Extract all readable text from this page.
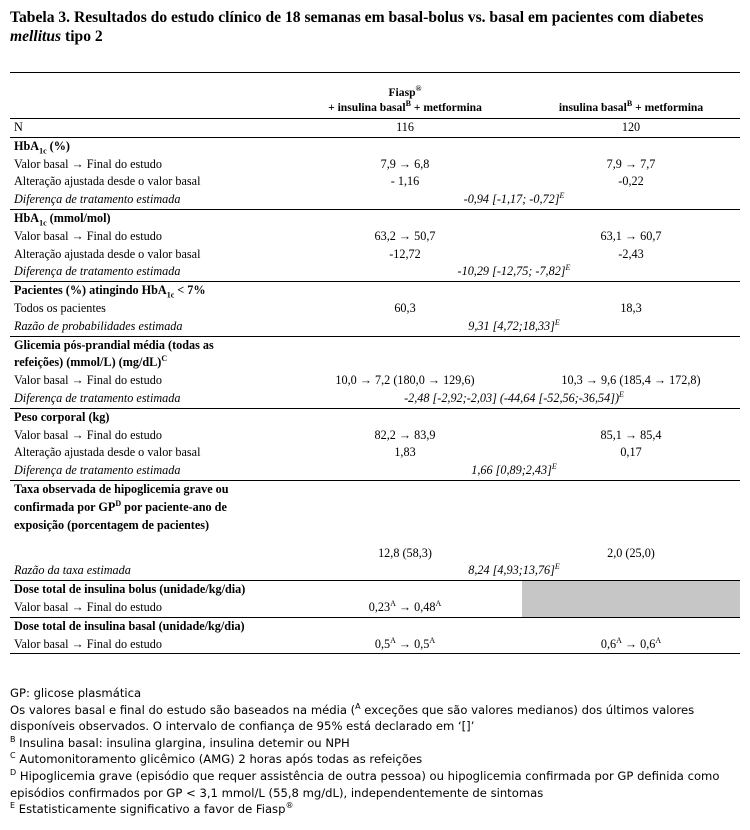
Tabela 3. Resultados do estudo clínico de 18 semanas em basal-bolus vs. basal em pacientes com diabetes mellitus tipo 2
	Fiasp®
+ insulina basal$^B$ + metformina	insulina basal$^B$ + metformina
N	116	120
HbA$_{1c}$ (%)		
Valor basal → Final do estudo	7,9 → 6,8	7,9 → 7,7
Alteração ajustada desde o valor basal	- 1,16	-0,22
Diferença de tratamento estimada	-0,94 [-1,17; -0,72]$^E$
HbA$_{1c}$ (mmol/mol)		
Valor basal → Final do estudo	63,2 → 50,7	63,1 → 60,7
Alteração ajustada desde o valor basal	-12,72	-2,43
Diferença de tratamento estimada	-10,29 [-12,75; -7,82]$^E$
Pacientes (%) atingindo HbA$_{1c}$ < 7%		
Todos os pacientes	60,3	18,3
Razão de probabilidades estimada	9,31 [4,72;18,33]$^E$
Glicemia pós-prandial média (todas as		
refeições) (mmol/L) $(mg/dL)^C$
Valor basal → Final do estudo	10,0 → 7,2 (180,0 → 129,6)	10,3 → 9,6 (185,4 → 172,8)
Diferença de tratamento estimada	-2,48 [-2,92;-2,03] (-44,64 [-52,56;-36,54])$^E$
Peso corporal (kg)		
Valor basal → Final do estudo	82,2 → 83,9	85,1 → 85,4
Alteração ajustada desde o valor basal	1,83	0,17
Diferença de tratamento estimada	1,66 [0,89;2,43]$^E$
Taxa observada de hipoglicemia grave ou		
confirmada por $GP^D$ por paciente-ano de		
exposição (porcentagem de pacientes)		
	12,8 (58,3)	2,0 (25,0)
Razão da taxa estimada	8,24 [4,93;13,76]$^E$
Dose total de insulina bolus (unidade/kg/dia)		
Valor basal → Final do estudo	$0,23^A \to 0,48^A$	
Dose total de insulina basal (unidade/kg/dia)		
Valor basal → Final do estudo	$0,5^A \to 0,5^A$	$0,6^A \to 0,6^A$
GP: glicose plasmática
Os valores basal e final do estudo são baseados na média ($^A$ exceções que são valores medianos) dos últimos valores disponíveis observados. O intervalo de confiança de 95% está declarado em ‘[]’
$^B$ Insulina basal: insulina glargina, insulina detemir ou NPH
$^C$ Automonitoramento glicêmico (AMG) 2 horas após todas as refeições
$^D$ Hipoglicemia grave (episódio que requer assistência de outra pessoa) ou hipoglicemia confirmada por GP definida como episódios confirmados por GP < 3,1 mmol/L (55,8 mg/dL), independentemente de sintomas
$^E$ Estatisticamente significativo a favor de Fiasp®
